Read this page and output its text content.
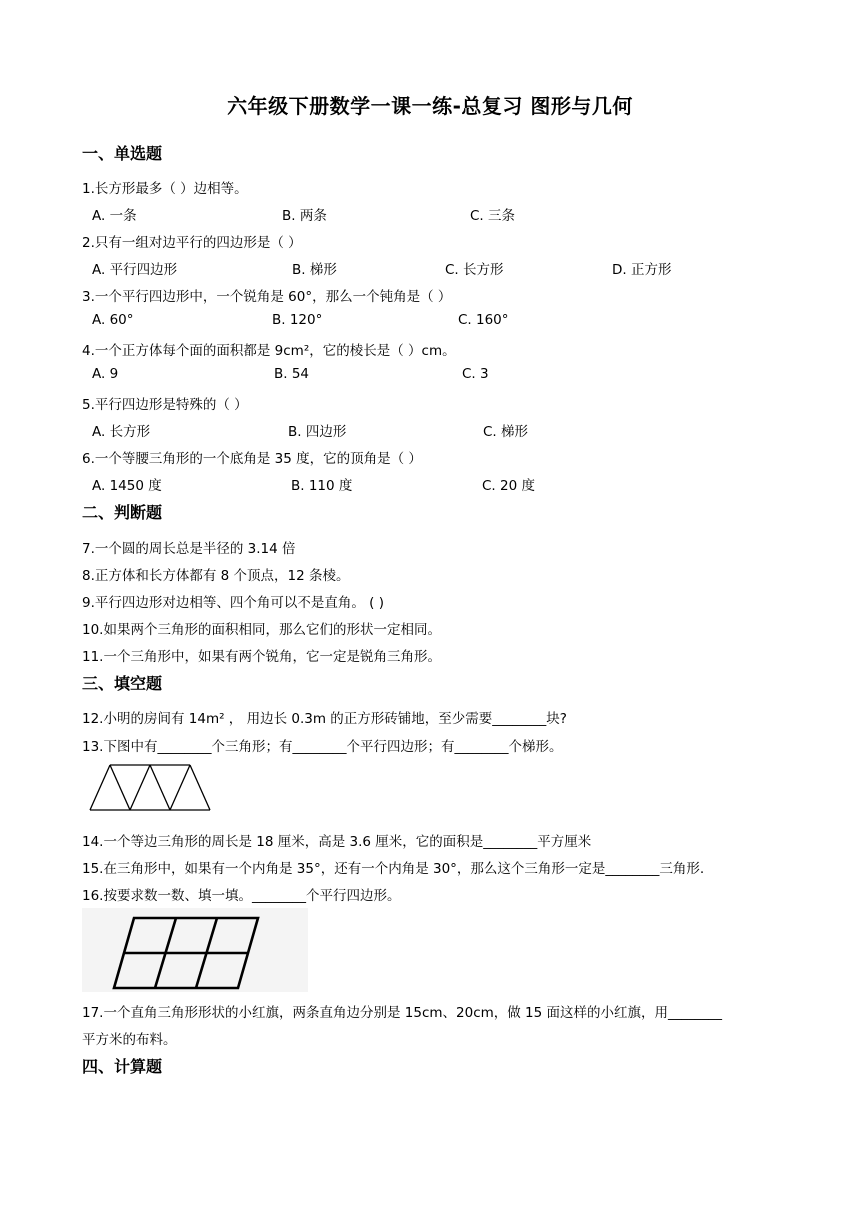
六年级下册数学一课一练-总复习 图形与几何
一、单选题
1.长方形最多（ ）边相等。
A. 一条	B. 两条	C. 三条
2.只有一组对边平行的四边形是（ ）
A. 平行四边形	B. 梯形	C. 长方形	D. 正方形
3.一个平行四边形中，一个锐角是 60°，那么一个钝角是（ ）
A. 60°	B. 120°	C. 160°
4.一个正方体每个面的面积都是 9cm²，它的棱长是（ ）cm。
A. 9	B. 54	C. 3
5.平行四边形是特殊的（ ）
A. 长方形	B. 四边形	C. 梯形
6.一个等腰三角形的一个底角是 35 度，它的顶角是（ ）
A. 1450 度	B. 110 度	C. 20 度
二、判断题
7.一个圆的周长总是半径的 3.14 倍
8.正方体和长方体都有 8 个顶点，12 条棱。
9.平行四边形对边相等、四个角可以不是直角。 ( )
10.如果两个三角形的面积相同，那么它们的形状一定相同。
11.一个三角形中，如果有两个锐角，它一定是锐角三角形。
三、填空题
12.小明的房间有 14m² ， 用边长 0.3m 的正方形砖铺地，至少需要________块?
13.下图中有________个三角形；有________个平行四边形；有________个梯形。
14.一个等边三角形的周长是 18 厘米，高是 3.6 厘米，它的面积是________平方厘米
15.在三角形中，如果有一个内角是 35°，还有一个内角是 30°，那么这个三角形一定是________三角形.
16.按要求数一数、填一填。________个平行四边形。
17.一个直角三角形形状的小红旗，两条直角边分别是 15cm、20cm，做 15 面这样的小红旗，用________
平方米的布料。
四、计算题
